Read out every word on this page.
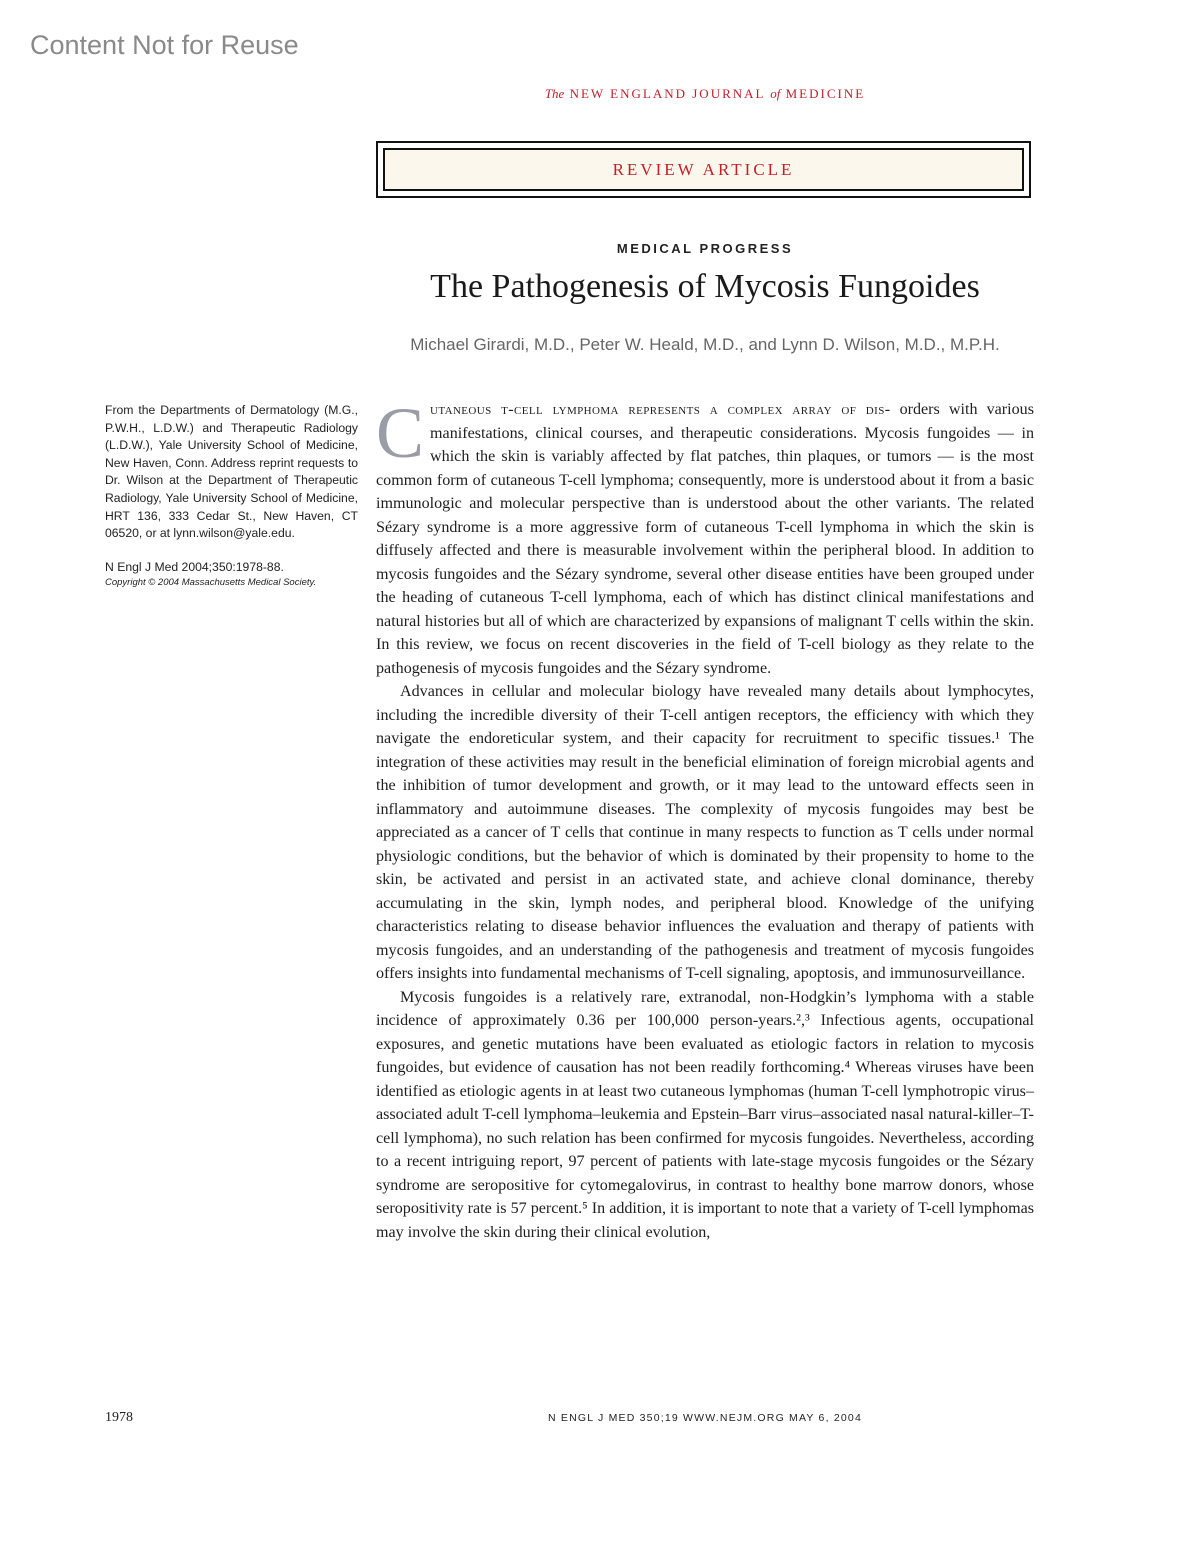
Content Not for Reuse
The NEW ENGLAND JOURNAL of MEDICINE
REVIEW ARTICLE
MEDICAL PROGRESS
The Pathogenesis of Mycosis Fungoides
Michael Girardi, M.D., Peter W. Heald, M.D., and Lynn D. Wilson, M.D., M.P.H.
From the Departments of Dermatology (M.G., P.W.H., L.D.W.) and Therapeutic Radiology (L.D.W.), Yale University School of Medicine, New Haven, Conn. Address reprint requests to Dr. Wilson at the Department of Therapeutic Radiology, Yale University School of Medicine, HRT 136, 333 Cedar St., New Haven, CT 06520, or at lynn.wilson@yale.edu.
N Engl J Med 2004;350:1978-88.
Copyright © 2004 Massachusetts Medical Society.

Cutaneous t-cell lymphoma represents a complex array of dis- orders with various manifestations, clinical courses, and therapeutic considerations. Mycosis fungoides — in which the skin is variably affected by flat patches, thin plaques, or tumors — is the most common form of cutaneous T-cell lymphoma; consequently, more is understood about it from a basic immunologic and molecular perspective than is understood about the other variants. The related Sézary syndrome is a more aggressive form of cutaneous T-cell lymphoma in which the skin is diffusely affected and there is measurable involvement within the peripheral blood. In addition to mycosis fungoides and the Sézary syndrome, several other disease entities have been grouped under the heading of cutaneous T-cell lymphoma, each of which has distinct clinical manifestations and natural histories but all of which are characterized by expansions of malignant T cells within the skin. In this review, we focus on recent discoveries in the field of T-cell biology as they relate to the pathogenesis of mycosis fungoides and the Sézary syndrome.

Advances in cellular and molecular biology have revealed many details about lymphocytes, including the incredible diversity of their T-cell antigen receptors, the efficiency with which they navigate the endoreticular system, and their capacity for recruitment to specific tissues.¹ The integration of these activities may result in the beneficial elimination of foreign microbial agents and the inhibition of tumor development and growth, or it may lead to the untoward effects seen in inflammatory and autoimmune diseases. The complexity of mycosis fungoides may best be appreciated as a cancer of T cells that continue in many respects to function as T cells under normal physiologic conditions, but the behavior of which is dominated by their propensity to home to the skin, be activated and persist in an activated state, and achieve clonal dominance, thereby accumulating in the skin, lymph nodes, and peripheral blood. Knowledge of the unifying characteristics relating to disease behavior influences the evaluation and therapy of patients with mycosis fungoides, and an understanding of the pathogenesis and treatment of mycosis fungoides offers insights into fundamental mechanisms of T-cell signaling, apoptosis, and immunosurveillance.

Mycosis fungoides is a relatively rare, extranodal, non-Hodgkin’s lymphoma with a stable incidence of approximately 0.36 per 100,000 person-years.²,³ Infectious agents, occupational exposures, and genetic mutations have been evaluated as etiologic factors in relation to mycosis fungoides, but evidence of causation has not been readily forthcoming.⁴ Whereas viruses have been identified as etiologic agents in at least two cutaneous lymphomas (human T-cell lymphotropic virus–associated adult T-cell lymphoma–leukemia and Epstein–Barr virus–associated nasal natural-killer–T-cell lymphoma), no such relation has been confirmed for mycosis fungoides. Nevertheless, according to a recent intriguing report, 97 percent of patients with late-stage mycosis fungoides or the Sézary syndrome are seropositive for cytomegalovirus, in contrast to healthy bone marrow donors, whose seropositivity rate is 57 percent.⁵ In addition, it is important to note that a variety of T-cell lymphomas may involve the skin during their clinical evolution,

1978	N ENGL J MED 350;19 WWW.NEJM.ORG MAY 6, 2004
